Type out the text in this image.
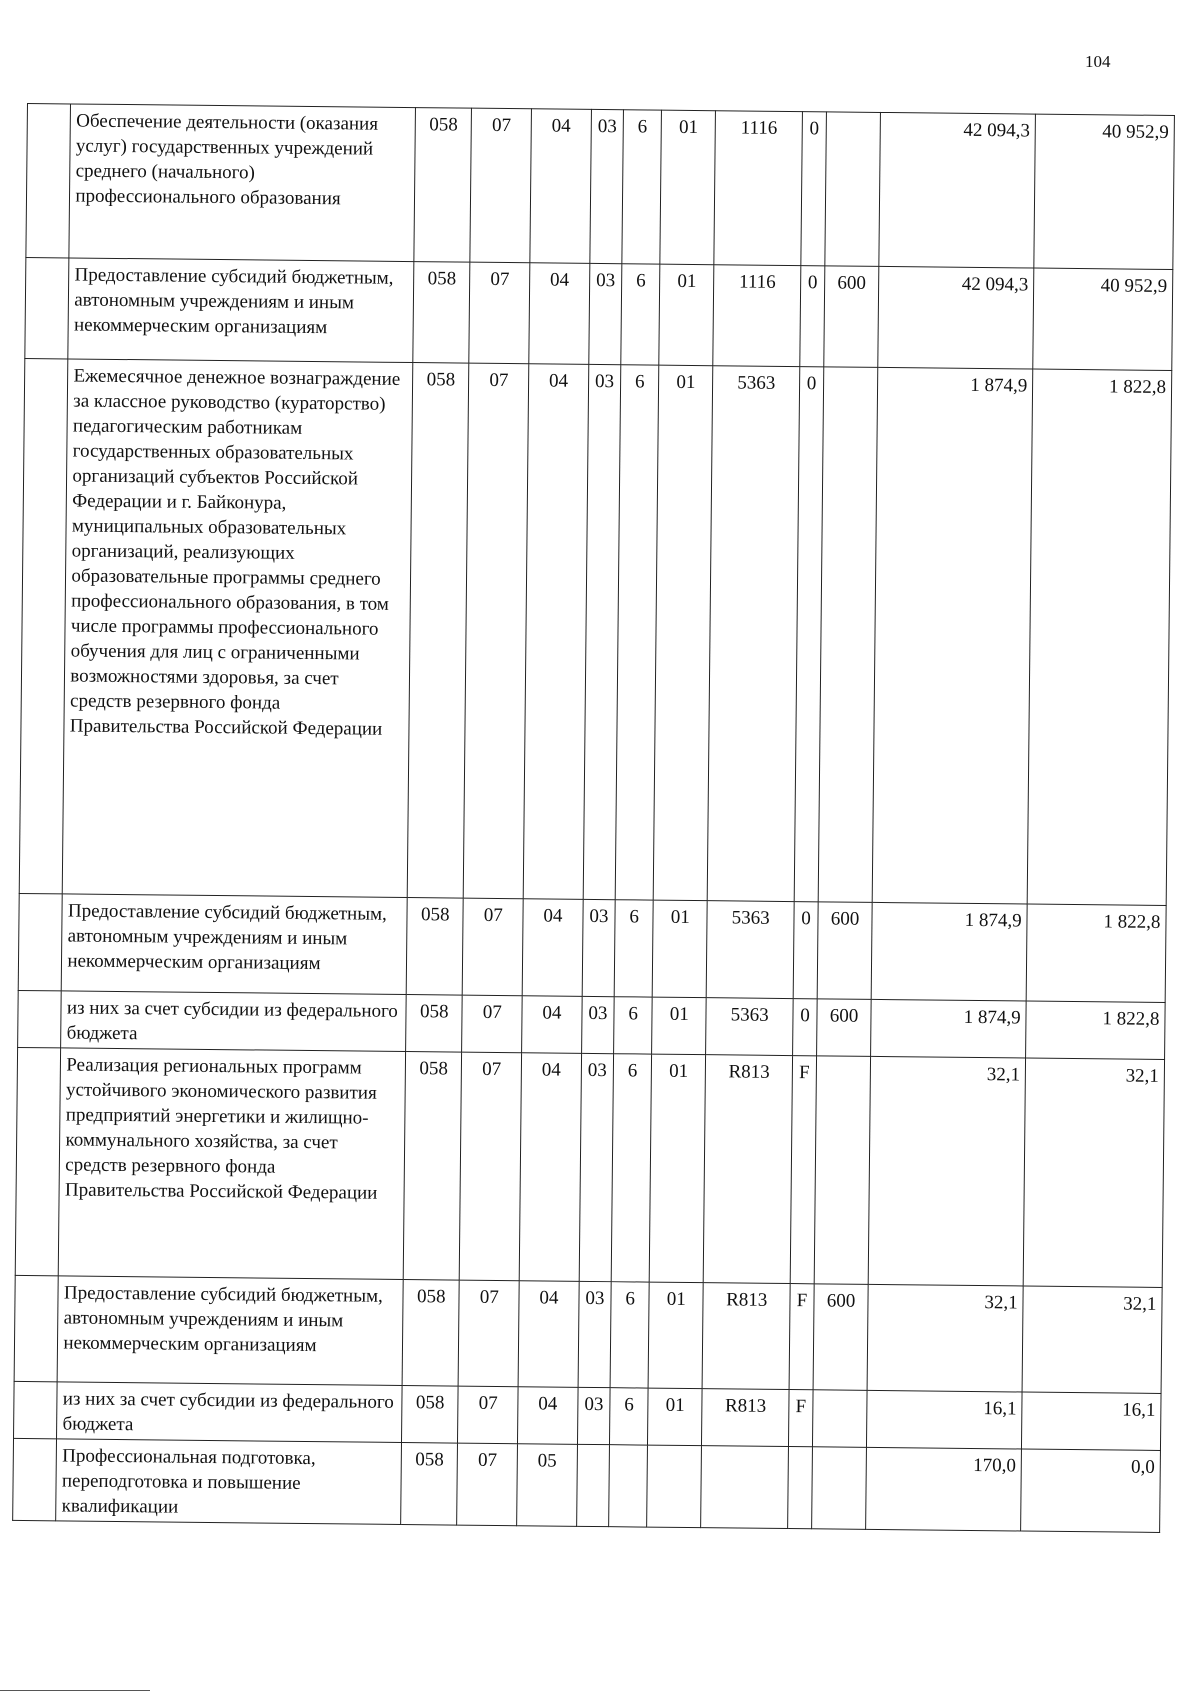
104
	Обеспечение деятельности (оказания услуг) государственных учреждений среднего (начального) профессионального образования	058	07	04	03	6	01	1116	0		42 094,3	40 952,9
	Предоставление субсидий бюджетным, автономным учреждениям и иным некоммерческим организациям	058	07	04	03	6	01	1116	0	600	42 094,3	40 952,9
	Ежемесячное денежное вознаграждение за классное руководство (кураторство) педагогическим работникам государственных образовательных организаций субъектов Российской Федерации и г. Байконура, муниципальных образовательных организаций, реализующих образовательные программы среднего профессионального образования, в том числе программы профессионального обучения для лиц с ограниченными возможностями здоровья, за счет средств резервного фонда Правительства Российской Федерации	058	07	04	03	6	01	5363	0		1 874,9	1 822,8
	Предоставление субсидий бюджетным, автономным учреждениям и иным некоммерческим организациям	058	07	04	03	6	01	5363	0	600	1 874,9	1 822,8
	из них за счет субсидии из федерального бюджета	058	07	04	03	6	01	5363	0	600	1 874,9	1 822,8
	Реализация региональных программ устойчивого экономического развития предприятий энергетики и жилищно-коммунального хозяйства, за счет средств резервного фонда Правительства Российской Федерации	058	07	04	03	6	01	R813	F		32,1	32,1
	Предоставление субсидий бюджетным, автономным учреждениям и иным некоммерческим организациям	058	07	04	03	6	01	R813	F	600	32,1	32,1
	из них за счет субсидии из федерального бюджета	058	07	04	03	6	01	R813	F		16,1	16,1
	Профессиональная подготовка, переподготовка и повышение квалификации	058	07	05							170,0	0,0
